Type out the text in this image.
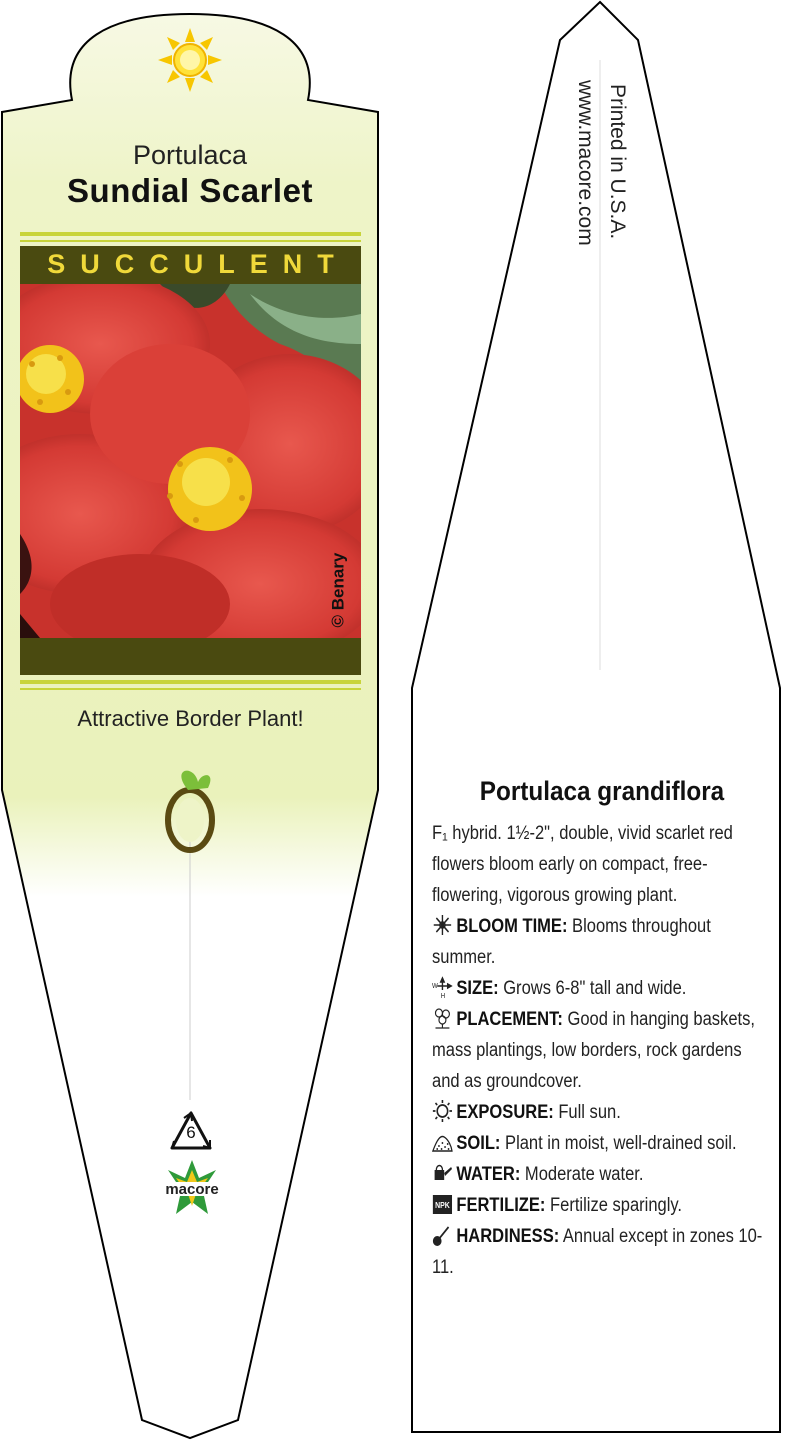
Portulaca
Sundial Scarlet
SUCCULENT
© Benary
Attractive Border Plant!
6
macore
Printed in U.S.A.
www.macore.com
Portulaca grandiflora

F₁ hybrid. 1½-2", double, vivid scarlet red flowers bloom early on compact, free-flowering, vigorous growing plant.

BLOOM TIME: Blooms throughout summer.

W
H SIZE: Grows 6-8" tall and wide.

PLACEMENT: Good in hanging baskets, mass plantings, low borders, rock gardens and as groundcover.

EXPOSURE: Full sun.

SOIL: Plant in moist, well-drained soil.

WATER: Moderate water.

NPK FERTILIZE: Fertilize sparingly.

HARDINESS: Annual except in zones 10-11.
